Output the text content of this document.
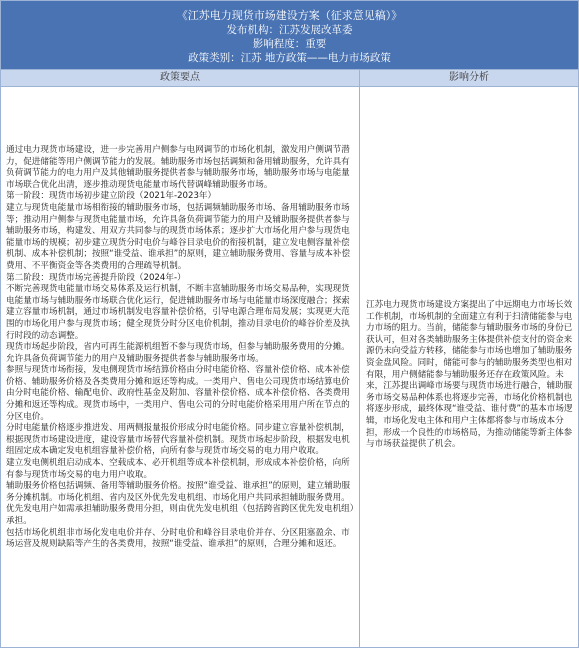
《江苏电力现货市场建设方案（征求意见稿）》
发布机构：江苏发展改革委
影响程度：重要
政策类别：江苏 地方政策——电力市场政策
政策要点	影响分析

通过电力现货市场建设，进一步完善用户侧参与电网调节的市场化机制，激发用户侧调节潜力，促进储能等用户侧调节能力的发展。辅助服务市场包括调频和备用辅助服务，允许具有负荷调节能力的电力用户及其他辅助服务提供者参与辅助服务市场，辅助服务市场与电能量市场联合优化出清，逐步推动现货电能量市场代替调峰辅助服务市场。

第一阶段：现货市场初步建立阶段（2021年-2023年）

建立与现货电能量市场相衔接的辅助服务市场，包括调频辅助服务市场、备用辅助服务市场等；推动用户侧参与现货电能量市场，允许具备负荷调节能力的用户及辅助服务提供者参与辅助服务市场，构建发、用双方共同参与的现货市场体系；逐步扩大市场化用户参与现货电能量市场的规模；初步建立现货分时电价与峰谷目录电价的衔接机制，建立发电侧容量补偿机制、成本补偿机制；按照“谁受益、谁承担”的原则，建立辅助服务费用、容量与成本补偿费用、不平衡资金等各类费用的合理疏导机制。

第二阶段：现货市场完善提升阶段（2024年-）

不断完善现货电能量市场交易体系及运行机制，不断丰富辅助服务市场交易品种，实现现货电能量市场与辅助服务市场联合优化运行，促进辅助服务市场与电能量市场深度融合；探索建立容量市场机制，通过市场机制发电容量补偿价格，引导电源合理布局发展；实现更大范围的市场化用户参与现货市场；健全现货分时分区电价机制，推动目录电价的峰谷价差及执行时段的动态调整。

现货市场起步阶段，省内可再生能源机组暂不参与现货市场，但参与辅助服务费用的分摊。允许具备负荷调节能力的用户及辅助服务提供者参与辅助服务市场。

参照与现货市场衔接，发电侧现货市场结算价格由分时电能价格、容量补偿价格、成本补偿价格、辅助服务价格及各类费用分摊和返还等构成。一类用户、售电公司现货市场结算电价由分时电能价格、输配电价、政府性基金及附加、容量补偿价格、成本补偿价格、各类费用分摊和返还等构成。现货市场中，一类用户、售电公司的分时电能价格采用用户所在节点的分区电价。

分时电能量价格逐步推进发、用两侧报量报价形成分时电能价格。同步建立容量补偿机制，根据现货市场建设进度，建设容量市场替代容量补偿机制。现货市场起步阶段，根据发电机组固定成本确定发电机组容量补偿价格，向所有参与现货市场交易的电力用户收取。

建立发电侧机组启动成本、空载成本、必开机组等成本补偿机制，形成成本补偿价格，向所有参与现货市场交易的电力用户收取。

辅助服务价格包括调频、备用等辅助服务价格。按照“谁受益、谁承担”的原则，建立辅助服务分摊机制。市场化机组、省内及区外优先发电机组、市场化用户共同承担辅助服务费用。优先发电用户如需承担辅助服务费用分担，则由优先发电机组（包括跨省跨区优先发电机组）承担。

包括市场化机组非市场化发电电价并存、分时电价和峰谷目录电价并存、分区阻塞盈余、市场运营及规则缺陷等产生的各类费用，按照“谁受益、谁承担”的原则，合理分摊和返还。

江苏电力现货市场建设方案提出了中远期电力市场长效工作机制，市场机制的全面建立有利于扫清储能参与电力市场的阻力。当前，储能参与辅助服务市场的身份已获认可，但对各类辅助服务主体提供补偿支付的资金来源仍未向受益方转移，储能参与市场也增加了辅助服务资金盘风险。同时，储能可参与的辅助服务类型也相对有限，用户侧储能参与辅助服务还存在政策风险。未来，江苏提出调峰市场要与现货市场进行融合，辅助服务市场交易品种体系也将逐步完善，市场化价格机制也将逐步形成，最终体现“谁受益、谁付费”的基本市场逻辑，市场化发电主体和用户主体都将参与市场成本分担，形成一个良性的市场格局，为推动储能等新主体参与市场获益提供了机会。
